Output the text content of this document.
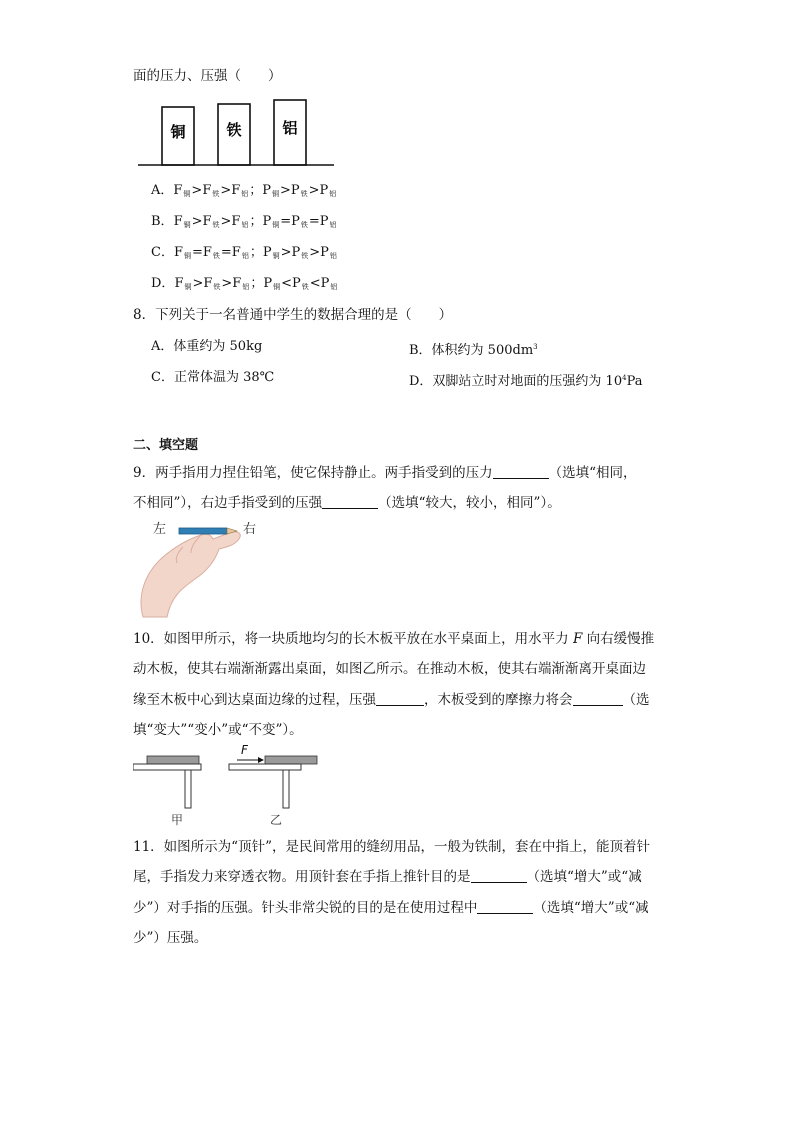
面的压力、压强（　　）
铜	铁	铝
A．$F_铜>F_铁>F_铝$；$P_铜>P_铁>P_铝$
B．$F_铜>F_铁>F_铝$；$P_铜=P_铁=P_铝$
C．$F_铜=F_铁=F_铝$；$P_铜>P_铁>P_铝$
D．$F_铜>F_铁>F_铝$；$P_铜<P_铁<P_铝$
8．下列关于一名普通中学生的数据合理的是（　　）
A．体重约为 50kg	B．体积约为 $500dm^3$
C．正常体温为 38℃	D．双脚站立时对地面的压强约为 $10^4Pa$
二、填空题
9．两手指用力捏住铅笔，使它保持静止。两手指受到的压力	（选填“相同，
不相同”），右边手指受到的压强	（选填“较大，较小，相同”）。
左	右
10．如图甲所示，将一块质地均匀的长木板平放在水平桌面上，用水平力 F 向右缓慢推
动木板，使其右端渐渐露出桌面，如图乙所示。在推动木板，使其右端渐渐离开桌面边
缘至木板中心到达桌面边缘的过程，压强	，木板受到的摩擦力将会	（选
填“变大”“变小”或“不变”）。
F
甲	乙
11．如图所示为“顶针”，是民间常用的缝纫用品，一般为铁制，套在中指上，能顶着针
尾，手指发力来穿透衣物。用顶针套在手指上推针目的是	（选填“增大”或“减
少”）对手指的压强。针头非常尖锐的目的是在使用过程中	（选填“增大”或“减
少”）压强。
